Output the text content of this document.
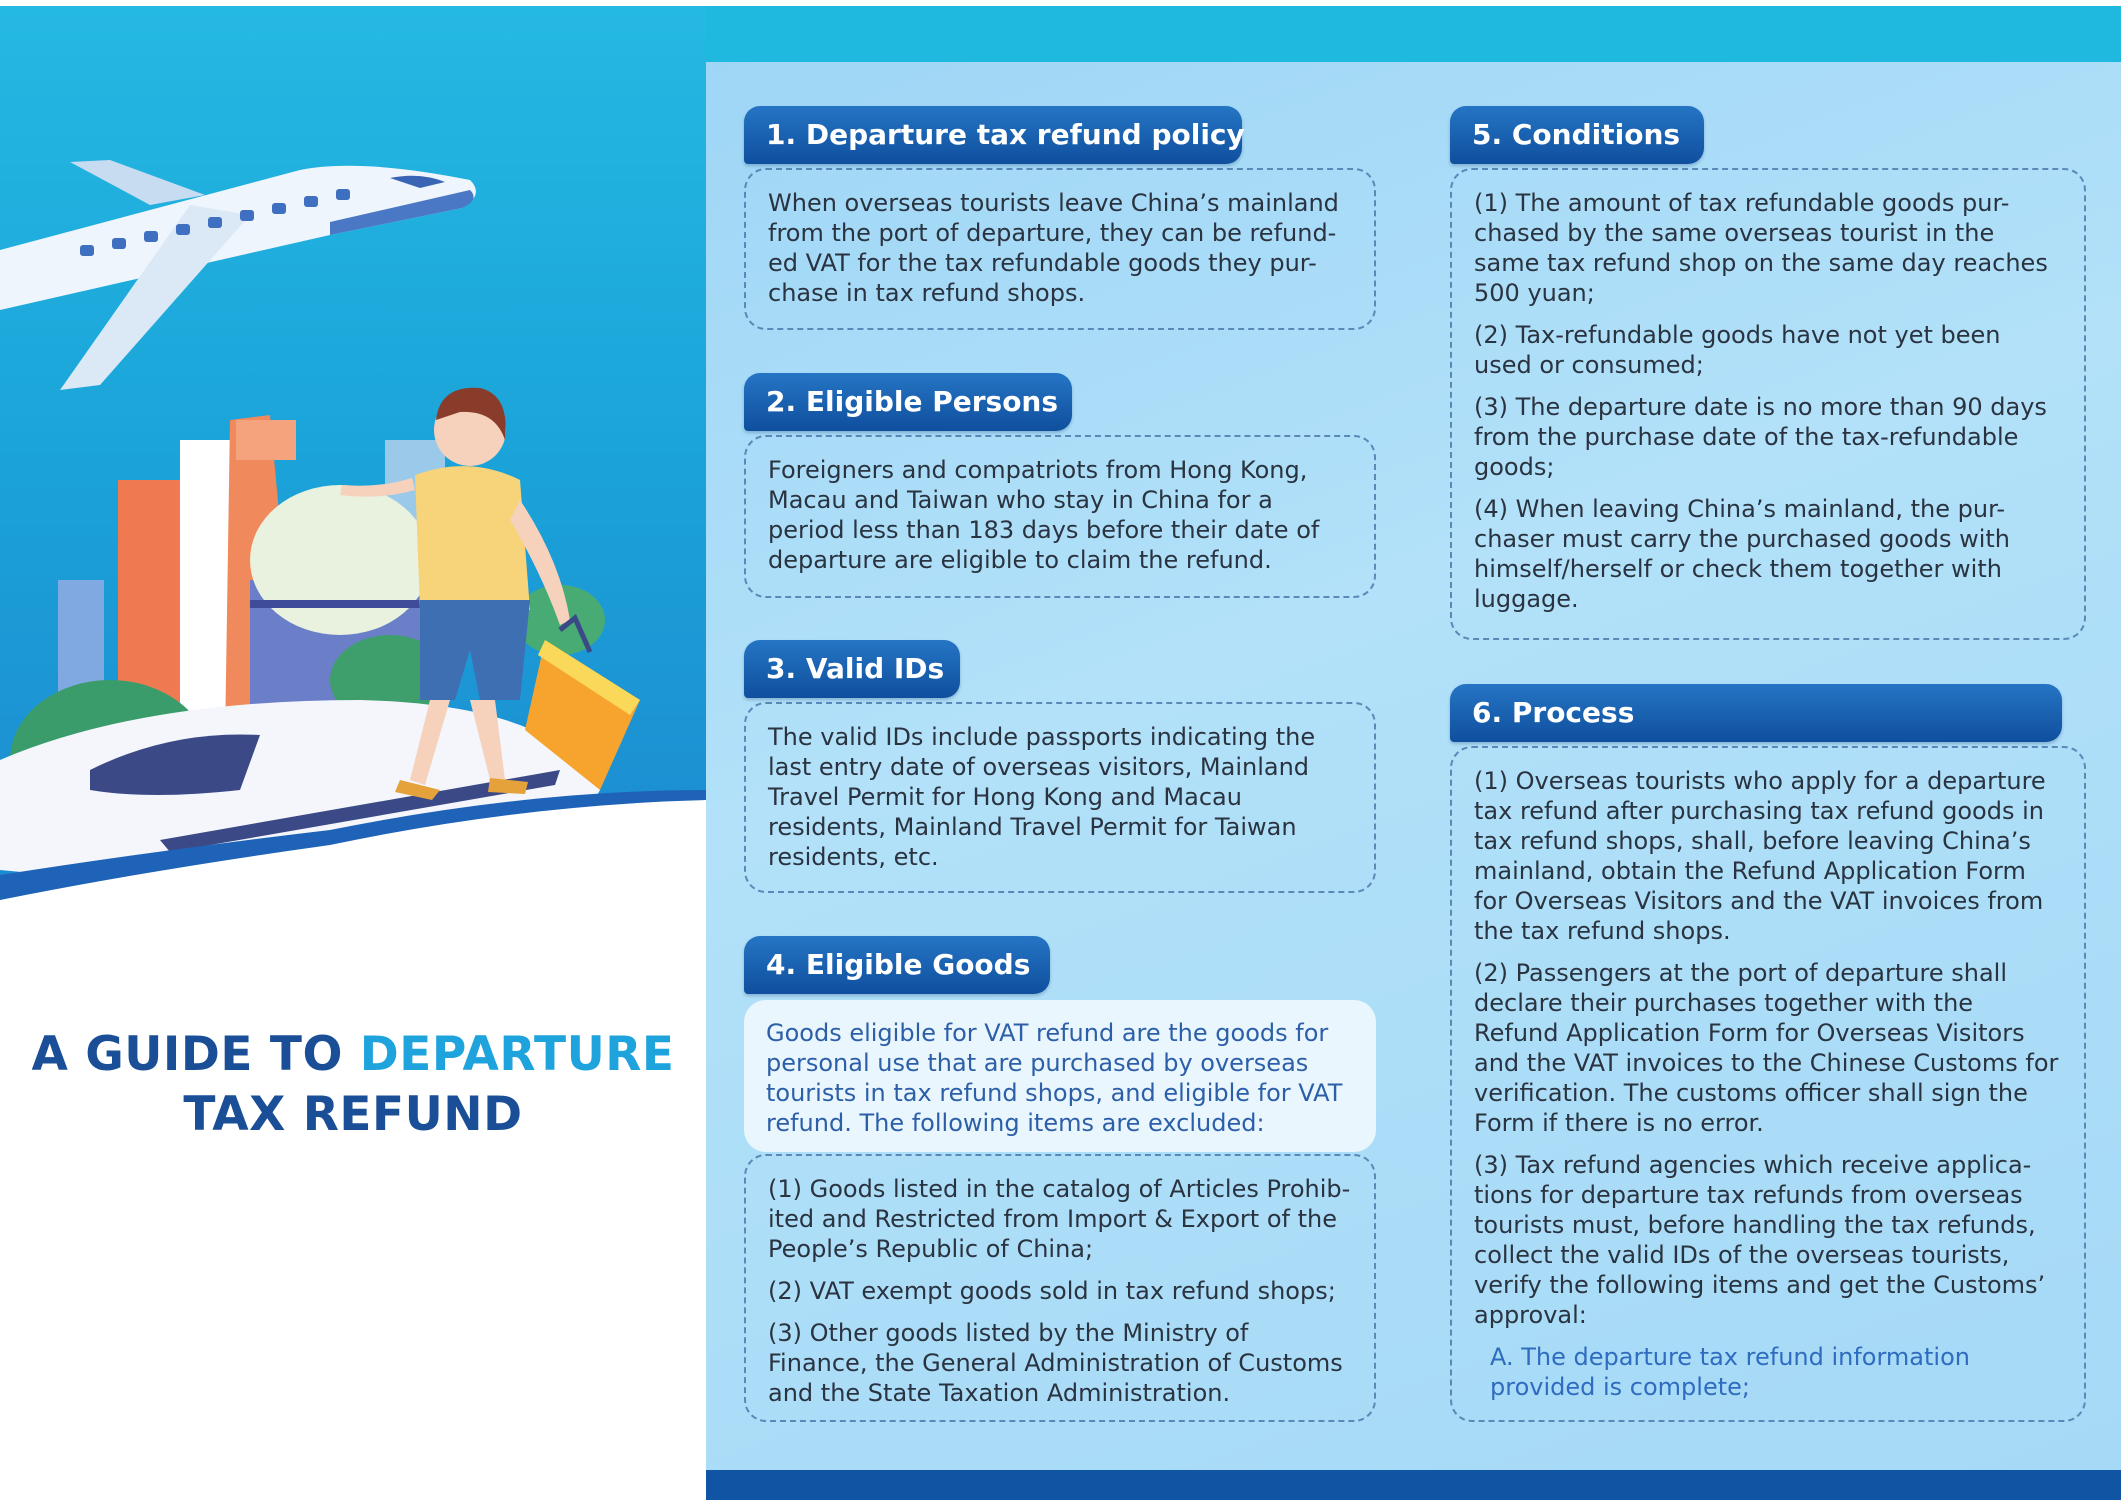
A GUIDE TO DEPARTURE
TAX REFUND

When overseas tourists leave China’s mainland from the port of departure, they can be refund-ed VAT for the tax refundable goods they pur-chase in tax refund shops.

1. Departure tax refund policy

Foreigners and compatriots from Hong Kong, Macau and Taiwan who stay in China for a period less than 183 days before their date of departure are eligible to claim the refund.

2. Eligible Persons

The valid IDs include passports indicating the last entry date of overseas visitors, Mainland Travel Permit for Hong Kong and Macau residents, Mainland Travel Permit for Taiwan residents, etc.

3. Valid IDs
Goods eligible for VAT refund are the goods for personal use that are purchased by overseas tourists in tax refund shops, and eligible for VAT refund. The following items are excluded:

(1) Goods listed in the catalog of Articles Prohib-ited and Restricted from Import & Export of the People’s Republic of China;

(2) VAT exempt goods sold in tax refund shops;

(3) Other goods listed by the Ministry of Finance, the General Administration of Customs and the State Taxation Administration.

4. Eligible Goods

(1) The amount of tax refundable goods pur-chased by the same overseas tourist in the same tax refund shop on the same day reaches 500 yuan;

(2) Tax-refundable goods have not yet been used or consumed;

(3) The departure date is no more than 90 days from the purchase date of the tax-refundable goods;

(4) When leaving China’s mainland, the pur-chaser must carry the purchased goods with himself/herself or check them together with luggage.

5. Conditions

(1) Overseas tourists who apply for a departure tax refund after purchasing tax refund goods in tax refund shops, shall, before leaving China’s mainland, obtain the Refund Application Form for Overseas Visitors and the VAT invoices from the tax refund shops.

(2) Passengers at the port of departure shall declare their purchases together with the Refund Application Form for Overseas Visitors and the VAT invoices to the Chinese Customs for verification. The customs officer shall sign the Form if there is no error.

(3) Tax refund agencies which receive applica-tions for departure tax refunds from overseas tourists must, before handling the tax refunds, collect the valid IDs of the overseas tourists, verify the following items and get the Customs’ approval:

A. The departure tax refund information provided is complete;

6. Process
